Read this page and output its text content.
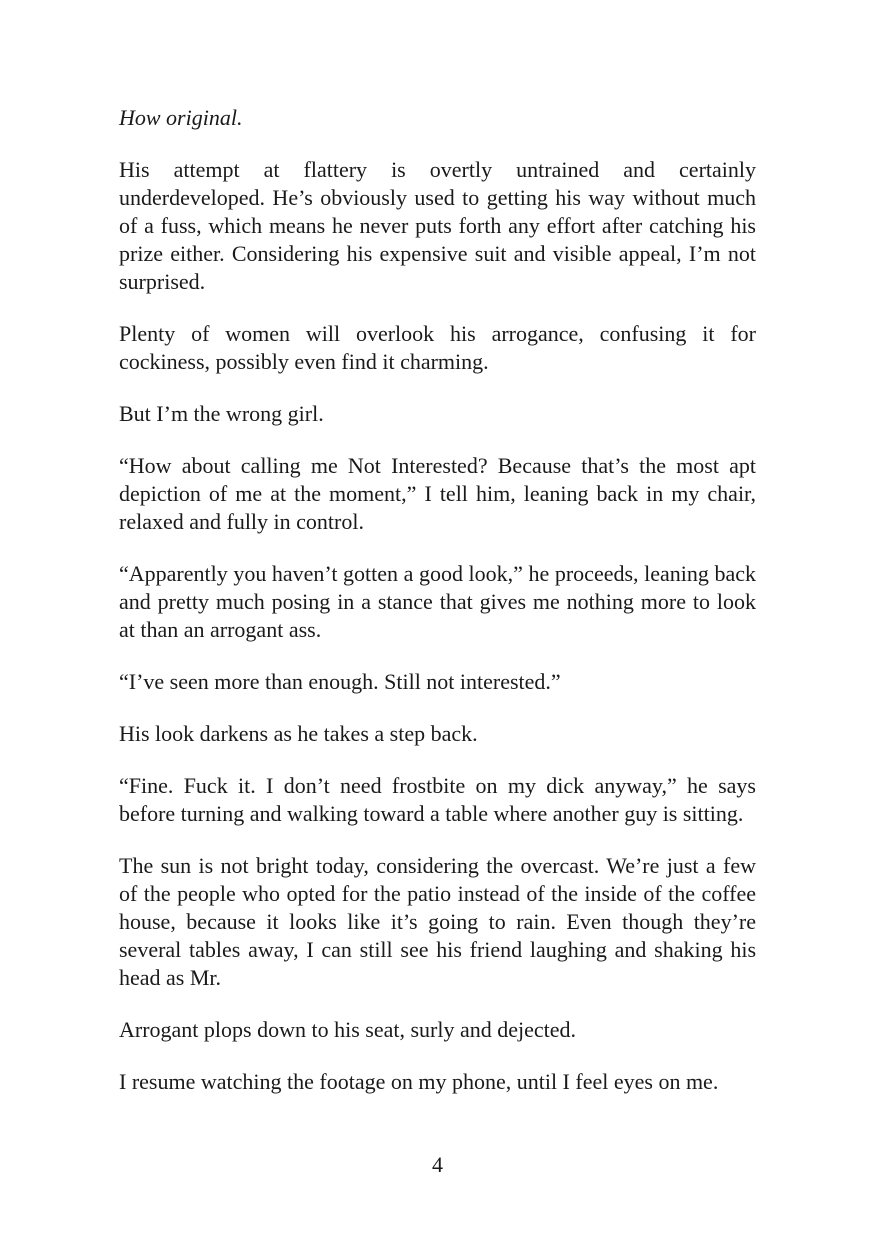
How original.

His attempt at flattery is overtly untrained and certainly underdeveloped. He’s obviously used to getting his way without much of a fuss, which means he never puts forth any effort after catching his prize either. Considering his expensive suit and visible appeal, I’m not surprised.

Plenty of women will overlook his arrogance, confusing it for cockiness, possibly even find it charming.

But I’m the wrong girl.

“How about calling me Not Interested? Because that’s the most apt depiction of me at the moment,” I tell him, leaning back in my chair, relaxed and fully in control.

“Apparently you haven’t gotten a good look,” he proceeds, leaning back and pretty much posing in a stance that gives me nothing more to look at than an arrogant ass.

“I’ve seen more than enough. Still not interested.”

His look darkens as he takes a step back.

“Fine. Fuck it. I don’t need frostbite on my dick anyway,” he says before turning and walking toward a table where another guy is sitting.

The sun is not bright today, considering the overcast. We’re just a few of the people who opted for the patio instead of the inside of the coffee house, because it looks like it’s going to rain. Even though they’re several tables away, I can still see his friend laughing and shaking his head as Mr.

Arrogant plops down to his seat, surly and dejected.

I resume watching the footage on my phone, until I feel eyes on me.

4
